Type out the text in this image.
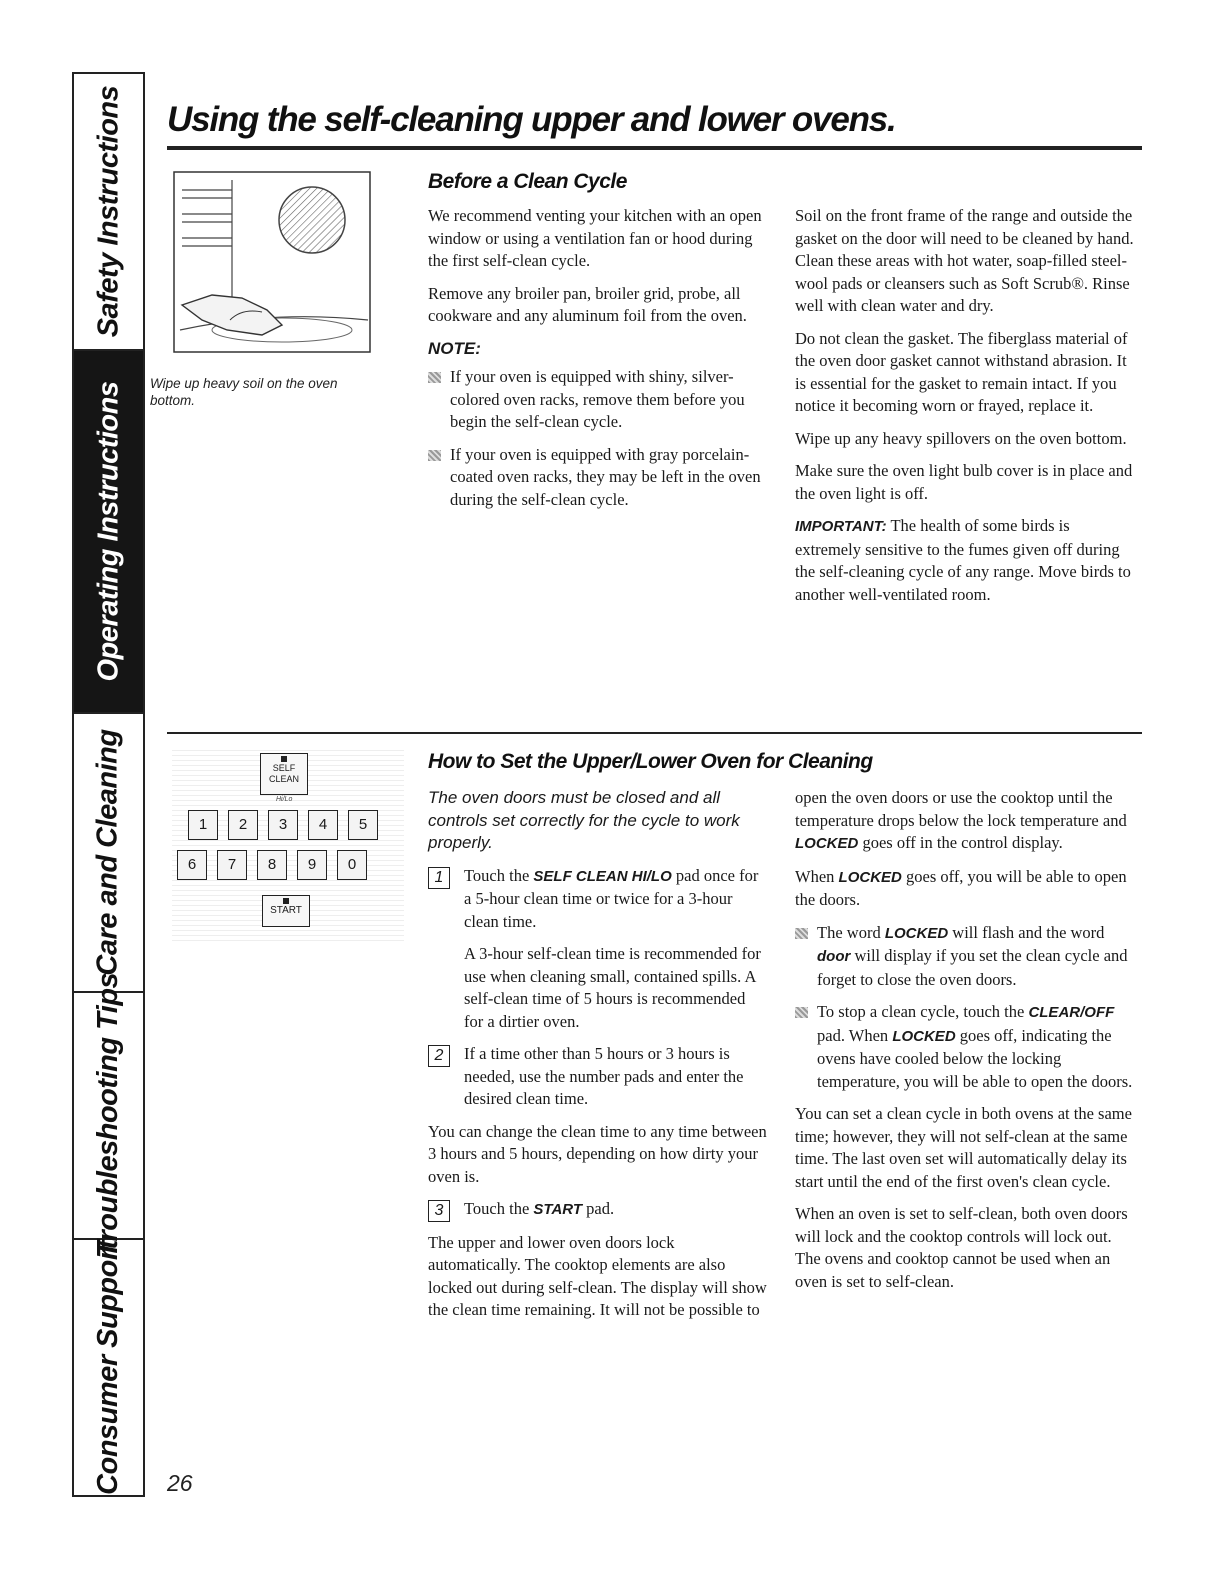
Safety Instructions
Operating Instructions
Care and Cleaning
Troubleshooting Tips
Consumer Support
Using the self-cleaning upper and lower ovens.
Wipe up heavy soil on the oven bottom.
Before a Clean Cycle

We recommend venting your kitchen with an open window or using a ventilation fan or hood during the first self-clean cycle.

Remove any broiler pan, broiler grid, probe, all cookware and any aluminum foil from the oven.

NOTE:
If your oven is equipped with shiny, silver-colored oven racks, remove them before you begin the self-clean cycle.
If your oven is equipped with gray porcelain-coated oven racks, they may be left in the oven during the self-clean cycle.

Soil on the front frame of the range and outside the gasket on the door will need to be cleaned by hand. Clean these areas with hot water, soap-filled steel-wool pads or cleansers such as Soft Scrub®. Rinse well with clean water and dry.

Do not clean the gasket. The fiberglass material of the oven door gasket cannot withstand abrasion. It is essential for the gasket to remain intact. If you notice it becoming worn or frayed, replace it.

Wipe up any heavy spillovers on the oven bottom.

Make sure the oven light bulb cover is in place and the oven light is off.

IMPORTANT: The health of some birds is extremely sensitive to the fumes given off during the self-cleaning cycle of any range. Move birds to another well-ventilated room.

SELF
CLEAN
Hi/Lo
1	2	3	4	5
6	7	8	9	0
START
How to Set the Upper/Lower Oven for Cleaning

The oven doors must be closed and all controls set correctly for the cycle to work properly.

1	Touch the SELF CLEAN HI/LO pad once for a 5-hour clean time or twice for a 3-hour clean time.

A 3-hour self-clean time is recommended for use when cleaning small, contained spills. A self-clean time of 5 hours is recommended for a dirtier oven.

2	If a time other than 5 hours or 3 hours is needed, use the number pads and enter the desired clean time.

You can change the clean time to any time between 3 hours and 5 hours, depending on how dirty your oven is.

3	Touch the START pad.

The upper and lower oven doors lock automatically. The cooktop elements are also locked out during self-clean. The display will show the clean time remaining. It will not be possible to

open the oven doors or use the cooktop until the temperature drops below the lock temperature and LOCKED goes off in the control display.

When LOCKED goes off, you will be able to open the doors.

The word LOCKED will flash and the word door will display if you set the clean cycle and forget to close the oven doors.
To stop a clean cycle, touch the CLEAR/OFF pad. When LOCKED goes off, indicating the ovens have cooled below the locking temperature, you will be able to open the doors.

You can set a clean cycle in both ovens at the same time; however, they will not self-clean at the same time. The last oven set will automatically delay its start until the end of the first oven's clean cycle.

When an oven is set to self-clean, both oven doors will lock and the cooktop controls will lock out. The ovens and cooktop cannot be used when an oven is set to self-clean.

26
